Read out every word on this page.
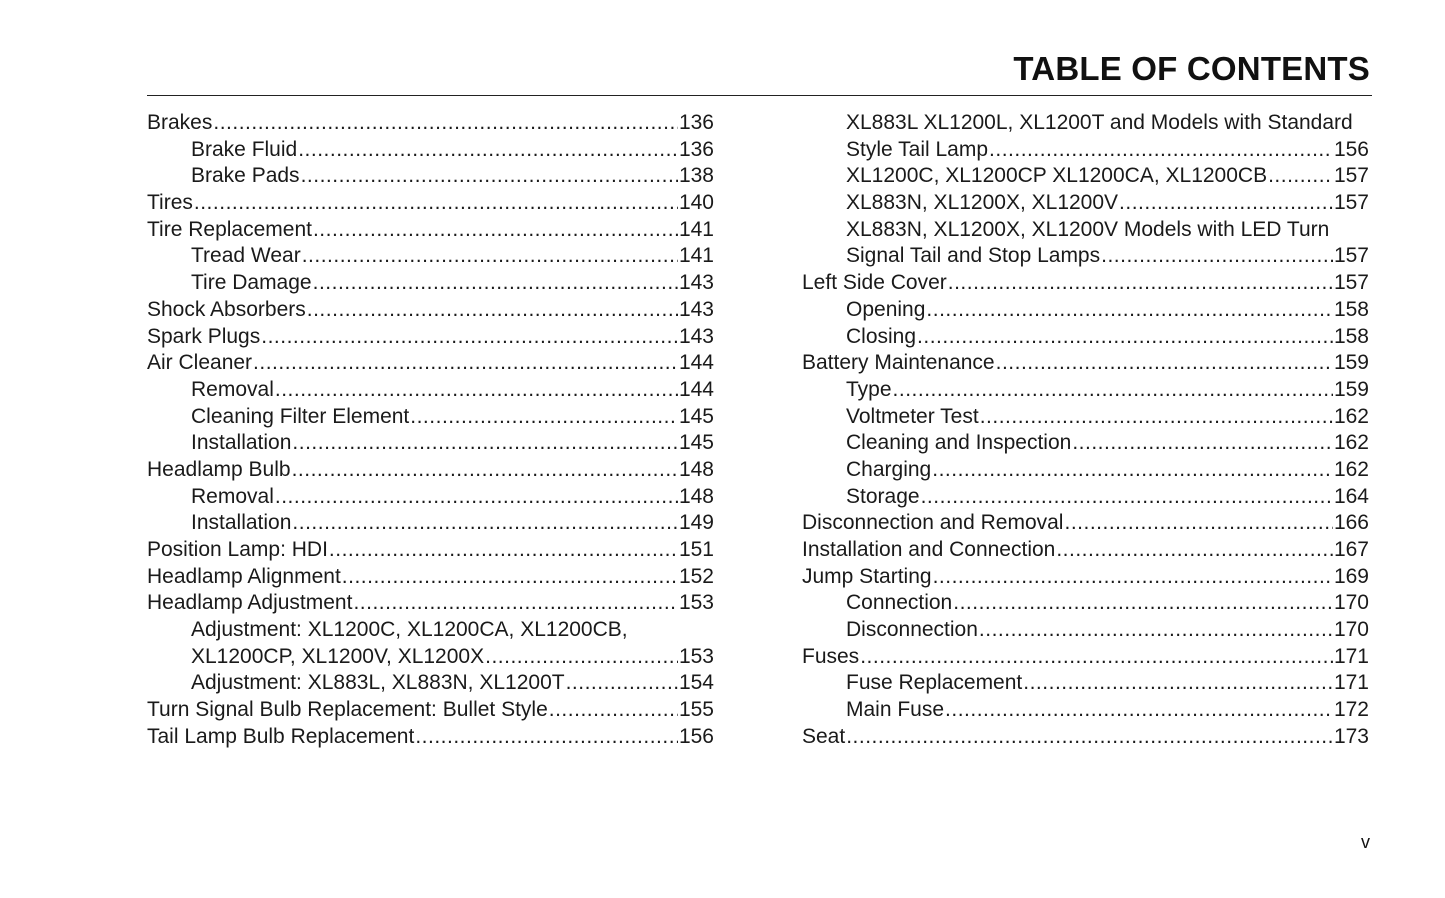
TABLE OF CONTENTS
Brakes .....	136
Brake Fluid .....	136
Brake Pads .....	138
Tires .....	140
Tire Replacement .....	141
Tread Wear .....	141
Tire Damage .....	143
Shock Absorbers .....	143
Spark Plugs .....	143
Air Cleaner .....	144
Removal .....	144
Cleaning Filter Element .....	145
Installation .....	145
Headlamp Bulb .....	148
Removal .....	148
Installation .....	149
Position Lamp: HDI .....	151
Headlamp Alignment .....	152
Headlamp Adjustment .....	153
Adjustment: XL1200C, XL1200CA, XL1200CB,
XL1200CP, XL1200V, XL1200X .....	153
Adjustment: XL883L, XL883N, XL1200T .....	154
Turn Signal Bulb Replacement: Bullet Style .....	155
Tail Lamp Bulb Replacement .....	156
XL883L XL1200L, XL1200T and Models with Standard
Style Tail Lamp .....	156
XL1200C, XL1200CP XL1200CA, XL1200CB .....	157
XL883N, XL1200X, XL1200V .....	157
XL883N, XL1200X, XL1200V Models with LED Turn
Signal Tail and Stop Lamps .....	157
Left Side Cover .....	157
Opening .....	158
Closing .....	158
Battery Maintenance .....	159
Type .....	159
Voltmeter Test .....	162
Cleaning and Inspection .....	162
Charging .....	162
Storage .....	164
Disconnection and Removal .....	166
Installation and Connection .....	167
Jump Starting .....	169
Connection .....	170
Disconnection .....	170
Fuses .....	171
Fuse Replacement .....	171
Main Fuse .....	172
Seat .....	173
v
